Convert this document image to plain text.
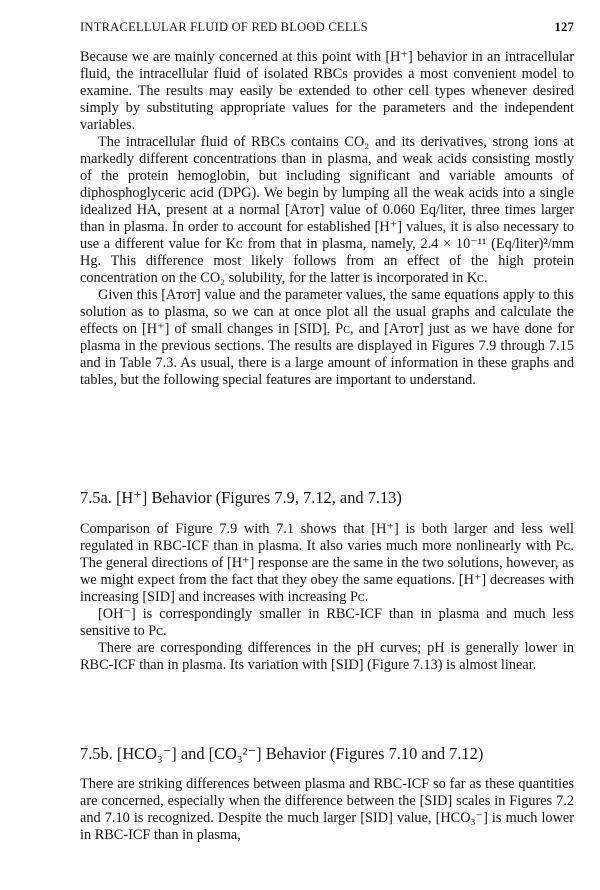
INTRACELLULAR FLUID OF RED BLOOD CELLS	127

Because we are mainly concerned at this point with [H⁺] behavior in an intracellular fluid, the intracellular fluid of isolated RBCs provides a most convenient model to examine. The results may easily be extended to other cell types whenever desired simply by substituting appropriate values for the parameters and the independent variables.

The intracellular fluid of RBCs contains CO₂ and its derivatives, strong ions at markedly different concentrations than in plasma, and weak acids consisting mostly of the protein hemoglobin, but including significant and variable amounts of diphosphoglyceric acid (DPG). We begin by lumping all the weak acids into a single idealized HA, present at a normal [Aᴛᴏᴛ] value of 0.060 Eq/liter, three times larger than in plasma. In order to account for established [H⁺] values, it is also necessary to use a different value for Kᴄ from that in plasma, namely, 2.4 × 10⁻¹¹ (Eq/liter)²/mm Hg. This difference most likely follows from an effect of the high protein concentration on the CO₂ solubility, for the latter is incorporated in Kᴄ.

Given this [Aᴛᴏᴛ] value and the parameter values, the same equations apply to this solution as to plasma, so we can at once plot all the usual graphs and calculate the effects on [H⁺] of small changes in [SID], Pᴄ, and [Aᴛᴏᴛ] just as we have done for plasma in the previous sections. The results are displayed in Figures 7.9 through 7.15 and in Table 7.3. As usual, there is a large amount of information in these graphs and tables, but the following special features are important to understand.

7.5a. [H⁺] Behavior (Figures 7.9, 7.12, and 7.13)

Comparison of Figure 7.9 with 7.1 shows that [H⁺] is both larger and less well regulated in RBC-ICF than in plasma. It also varies much more nonlinearly with Pᴄ. The general directions of [H⁺] response are the same in the two solutions, however, as we might expect from the fact that they obey the same equations. [H⁺] decreases with increasing [SID] and increases with increasing Pᴄ.

[OH⁻] is correspondingly smaller in RBC-ICF than in plasma and much less sensitive to Pᴄ.

There are corresponding differences in the pH curves; pH is generally lower in RBC-ICF than in plasma. Its variation with [SID] (Figure 7.13) is almost linear.

7.5b. [HCO₃⁻] and [CO₃²⁻] Behavior (Figures 7.10 and 7.12)

There are striking differences between plasma and RBC-ICF so far as these quantities are concerned, especially when the difference between the [SID] scales in Figures 7.2 and 7.10 is recognized. Despite the much larger [SID] value, [HCO₃⁻] is much lower in RBC-ICF than in plasma,
